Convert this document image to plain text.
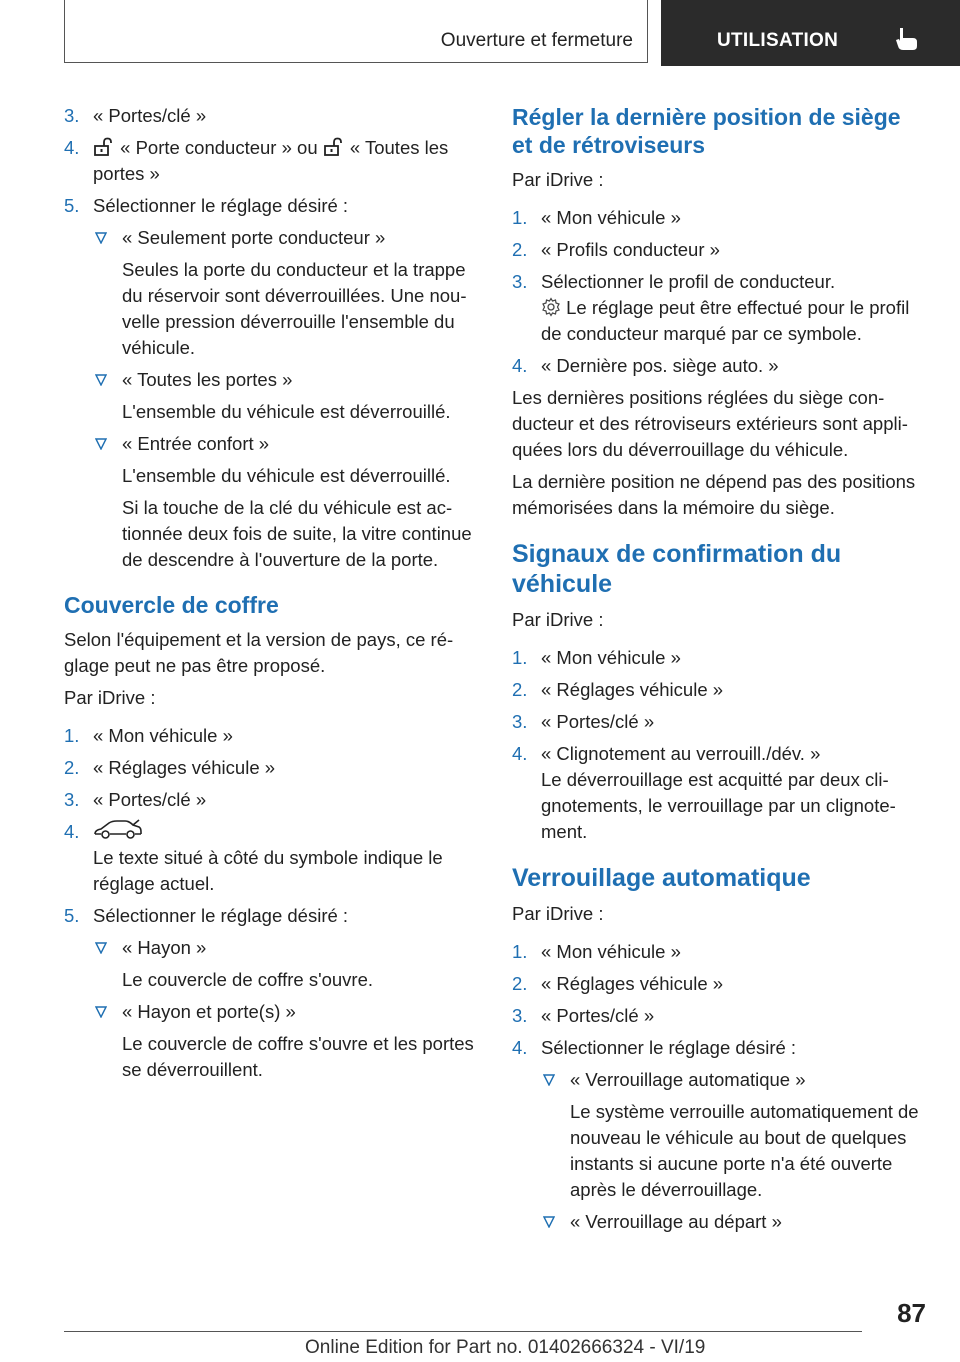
Ouverture et fermeture	UTILISATION
3. « Portes/clé »
4. « Porte conducteur » ou  « Toutes les portes »
5. Sélectionner le réglage désiré :
« Seulement porte conducteur »
Seules la porte du conducteur et la trappe du réservoir sont déverrouillées. Une nouvelle pression déverrouille l'ensemble du véhicule.
« Toutes les portes »
L'ensemble du véhicule est déverrouillé.
« Entrée confort »
L'ensemble du véhicule est déverrouillé.
Si la touche de la clé du véhicule est actionnée deux fois de suite, la vitre continue de descendre à l'ouverture de la porte.
Couvercle de coffre
Selon l'équipement et la version de pays, ce réglage peut ne pas être proposé.
Par iDrive :
1. « Mon véhicule »
2. « Réglages véhicule »
3. « Portes/clé »
4.
Le texte situé à côté du symbole indique le réglage actuel.
5. Sélectionner le réglage désiré :
« Hayon »
Le couvercle de coffre s'ouvre.
« Hayon et porte(s) »
Le couvercle de coffre s'ouvre et les portes se déverrouillent.
Régler la dernière position de siège et de rétroviseurs
Par iDrive :
1. « Mon véhicule »
2. « Profils conducteur »
3. Sélectionner le profil de conducteur.
Le réglage peut être effectué pour le profil de conducteur marqué par ce symbole.
4. « Dernière pos. siège auto. »
Les dernières positions réglées du siège conducteur et des rétroviseurs extérieurs sont appliquées lors du déverrouillage du véhicule.
La dernière position ne dépend pas des positions mémorisées dans la mémoire du siège.
Signaux de confirmation du véhicule
Par iDrive :
1. « Mon véhicule »
2. « Réglages véhicule »
3. « Portes/clé »
4. « Clignotement au verrouill./dév. »
Le déverrouillage est acquitté par deux clignotements, le verrouillage par un clignotement.
Verrouillage automatique
Par iDrive :
1. « Mon véhicule »
2. « Réglages véhicule »
3. « Portes/clé »
4. Sélectionner le réglage désiré :
« Verrouillage automatique »
Le système verrouille automatiquement de nouveau le véhicule au bout de quelques instants si aucune porte n'a été ouverte après le déverrouillage.
« Verrouillage au départ »
87
Online Edition for Part no. 01402666324 - VI/19
